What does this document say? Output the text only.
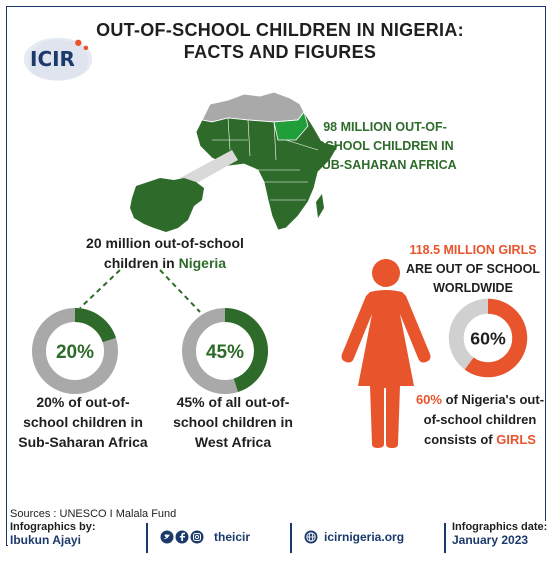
ICIR
OUT-OF-SCHOOL CHILDREN IN NIGERIA:
FACTS AND FIGURES
98 MILLION OUT-OF-
SCHOOL CHILDREN IN
SUB-SAHARAN AFRICA
20 million out-of-school
children in Nigeria
20%	45%
20% of out-of-
school children in
Sub-Saharan Africa
45% of all out-of-
school children in
West Africa
118.5 MILLION GIRLS
ARE OUT OF SCHOOL
WORLDWIDE
60%
60% of Nigeria's out-
of-school children
consists of GIRLS
Sources : UNESCO I Malala Fund
Infographics by:
Ibukun Ajayi	theicir	icirnigeria.org
Infographics date:
January 2023
